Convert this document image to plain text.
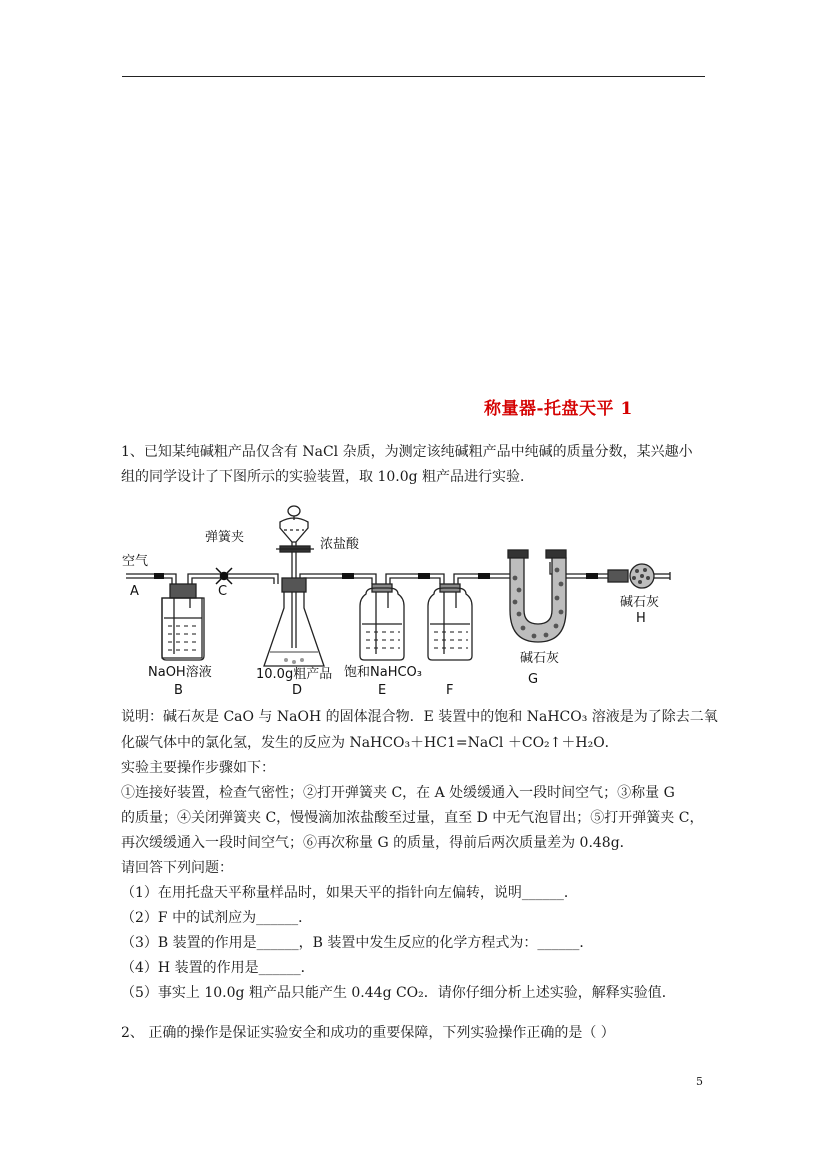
称量器-托盘天平 1
1、已知某纯碱粗产品仅含有 NaCl 杂质，为测定该纯碱粗产品中纯碱的质量分数，某兴趣小
组的同学设计了下图所示的实验装置，取 10.0g 粗产品进行实验．
空气
A
弹簧夹
C
浓盐酸
NaOH溶液
B
10.0g粗产品
D
饱和NaHCO₃
E	F
碱石灰
G
碱石灰
H
说明：碱石灰是 CaO 与 NaOH 的固体混合物．E 装置中的饱和 NaHCO₃ 溶液是为了除去二氧
化碳气体中的氯化氢，发生的反应为 NaHCO₃＋HC1=NaCl ＋CO₂↑＋H₂O．
实验主要操作步骤如下：
①连接好装置，检查气密性；②打开弹簧夹 C，在 A 处缓缓通入一段时间空气；③称量 G
的质量；④关闭弹簧夹 C，慢慢滴加浓盐酸至过量，直至 D 中无气泡冒出；⑤打开弹簧夹 C，
再次缓缓通入一段时间空气；⑥再次称量 G 的质量，得前后两次质量差为 0.48g．
请回答下列问题：
（1）在用托盘天平称量样品时，如果天平的指针向左偏转，说明______．
（2）F 中的试剂应为______．
（3）B 装置的作用是______，B 装置中发生反应的化学方程式为：______．
（4）H 装置的作用是______．
（5）事实上 10.0g 粗产品只能产生 0.44g CO₂．请你仔细分析上述实验，解释实验值．
2、 正确的操作是保证实验安全和成功的重要保障，下列实验操作正确的是（ ）
5
